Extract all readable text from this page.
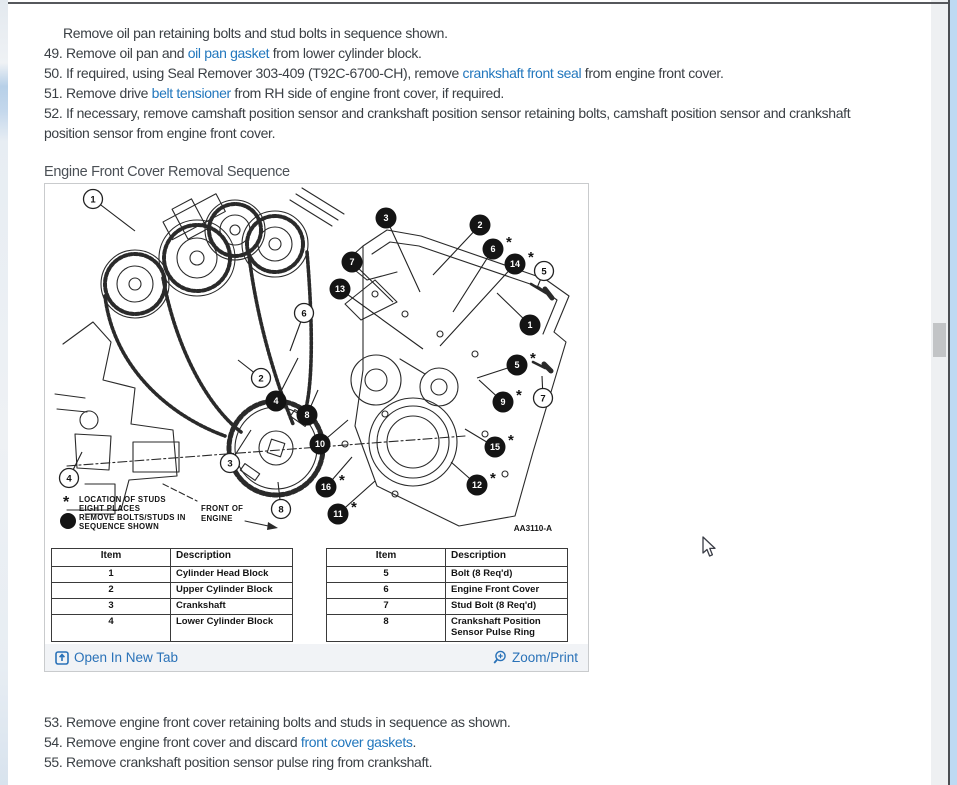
Remove oil pan retaining bolts and stud bolts in sequence shown.
49. Remove oil pan and oil pan gasket from lower cylinder block.
50. If required, using Seal Remover 303-409 (T92C-6700-CH), remove crankshaft front seal from engine front cover.
51. Remove drive belt tensioner from RH side of engine front cover, if required.
52. If necessary, remove camshaft position sensor and crankshaft position sensor retaining bolts, camshaft position sensor and crankshaft
position sensor from engine front cover.
Engine Front Cover Removal Sequence
* LOCATION OF STUDS
EIGHT PLACES
REMOVE BOLTS/STUDS IN
SEQUENCE SHOWN
FRONT OF
ENGINE
AA3110-A
1
2
3
4
5
6
7
8
1
2
3
4
5 *
6 *
7
8
9 *
10
11 *
12 *
13
14 *
15 *
16 *
Item	Description
1	Cylinder Head Block
2	Upper Cylinder Block
3	Crankshaft
4	Lower Cylinder Block
Item	Description
5	Bolt (8 Req'd)
6	Engine Front Cover
7	Stud Bolt (8 Req'd)
8	Crankshaft Position Sensor Pulse Ring
Open In New Tab	Zoom/Print
53. Remove engine front cover retaining bolts and studs in sequence as shown.
54. Remove engine front cover and discard front cover gaskets.
55. Remove crankshaft position sensor pulse ring from crankshaft.
